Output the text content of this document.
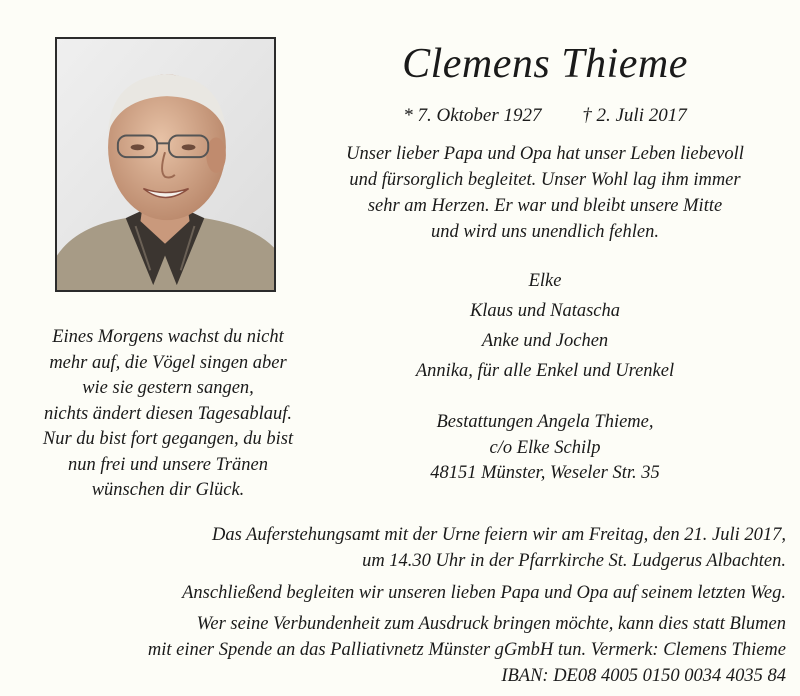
Clemens Thieme
* 7. Oktober 1927 † 2. Juli 2017
Unser lieber Papa und Opa hat unser Leben liebevoll
und fürsorglich begleitet. Unser Wohl lag ihm immer
sehr am Herzen. Er war und bleibt unsere Mitte
und wird uns unendlich fehlen.
Elke
Klaus und Natascha
Anke und Jochen
Annika, für alle Enkel und Urenkel
Eines Morgens wachst du nicht
mehr auf, die Vögel singen aber
wie sie gestern sangen,
nichts ändert diesen Tagesablauf.
Nur du bist fort gegangen, du bist
nun frei und unsere Tränen
wünschen dir Glück.
Bestattungen Angela Thieme,
c/o Elke Schilp
48151 Münster, Weseler Str. 35
Das Auferstehungsamt mit der Urne feiern wir am Freitag, den 21. Juli 2017,
um 14.30 Uhr in der Pfarrkirche St. Ludgerus Albachten.
Anschließend begleiten wir unseren lieben Papa und Opa auf seinem letzten Weg.
Wer seine Verbundenheit zum Ausdruck bringen möchte, kann dies statt Blumen
mit einer Spende an das Palliativnetz Münster gGmbH tun. Vermerk: Clemens Thieme
IBAN: DE08 4005 0150 0034 4035 84
